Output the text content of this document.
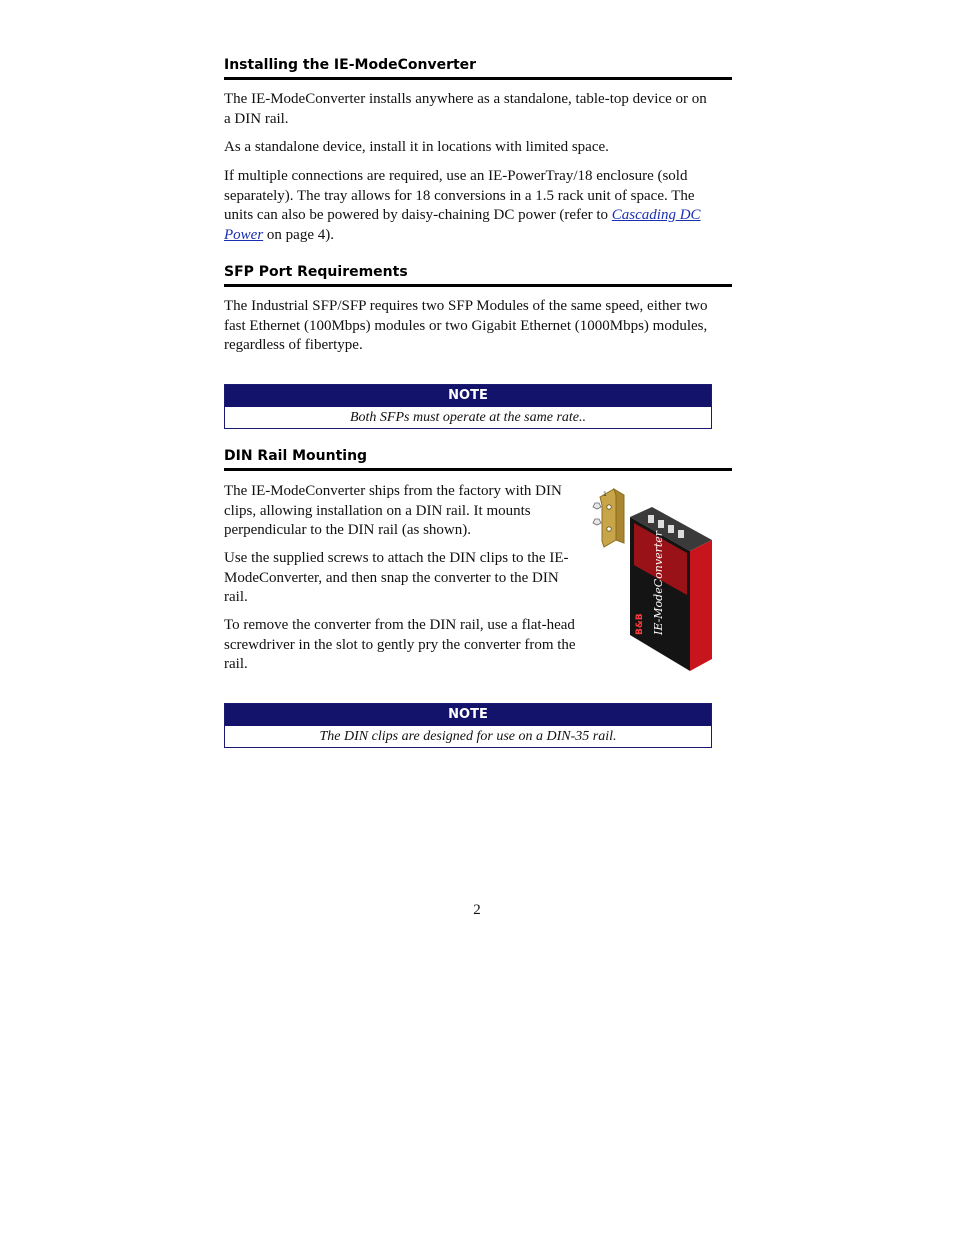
Installing the IE-ModeConverter

The IE-ModeConverter installs anywhere as a standalone, table-top device or on a DIN rail.

As a standalone device, install it in locations with limited space.

If multiple connections are required, use an IE-PowerTray/18 enclosure (sold separately). The tray allows for 18 conversions in a 1.5 rack unit of space. The units can also be powered by daisy-chaining DC power (refer to Cascading DC Power on page 4).

SFP Port Requirements

The Industrial SFP/SFP requires two SFP Modules of the same speed, either two fast Ethernet (100Mbps) modules or two Gigabit Ethernet (1000Mbps) modules, regardless of fibertype.

NOTE
Both SFPs must operate at the same rate..
DIN Rail Mounting

The IE-ModeConverter ships from the factory with DIN clips, allowing installation on a DIN rail. It mounts perpendicular to the DIN rail (as shown).

Use the supplied screws to attach the DIN clips to the IE-ModeConverter, and then snap the converter to the DIN rail.

To remove the converter from the DIN rail, use a flat-head screwdriver in the slot to gently pry the converter from the rail.

1
IE-ModeConverter
B&B
NOTE
The DIN clips are designed for use on a DIN-35 rail.
2
